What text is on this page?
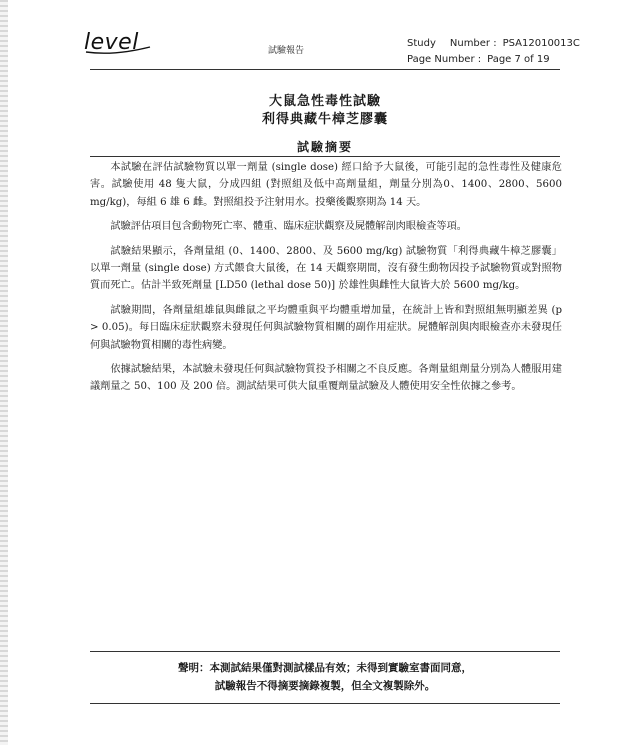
level	試驗報告
Study Number : PSA12010013C
Page Number : Page 7 of 19
大鼠急性毒性試驗
利得典藏牛樟芝膠囊
試驗摘要

本試驗在評估試驗物質以單一劑量 (single dose) 經口給予大鼠後，可能引起的急性毒性及健康危害。試驗使用 48 隻大鼠，分成四組 (對照組及低中高劑量組，劑量分別為0、1400、2800、5600 mg/kg)，每組 6 雄 6 雌。對照組投予注射用水。投藥後觀察期為 14 天。

試驗評估項目包含動物死亡率、體重、臨床症狀觀察及屍體解剖肉眼檢查等項。

試驗結果顯示，各劑量組 (0、1400、2800、及 5600 mg/kg) 試驗物質「利得典藏牛樟芝膠囊」以單一劑量 (single dose) 方式餵食大鼠後，在 14 天觀察期間，沒有發生動物因投予試驗物質或對照物質而死亡。估計半致死劑量 [LD50 (lethal dose 50)] 於雄性與雌性大鼠皆大於 5600 mg/kg。

試驗期間，各劑量組雄鼠與雌鼠之平均體重與平均體重增加量，在統計上皆和對照組無明顯差異 (p > 0.05)。每日臨床症狀觀察未發現任何與試驗物質相關的副作用症狀。屍體解剖與肉眼檢查亦未發現任何與試驗物質相關的毒性病變。

依據試驗結果，本試驗未發現任何與試驗物質投予相關之不良反應。各劑量組劑量分別為人體服用建議劑量之 50、100 及 200 倍。測試結果可供大鼠重覆劑量試驗及人體使用安全性依據之參考。

聲明：本測試結果僅對測試樣品有效；未得到實驗室書面同意，
試驗報告不得摘要摘錄複製，但全文複製除外。
